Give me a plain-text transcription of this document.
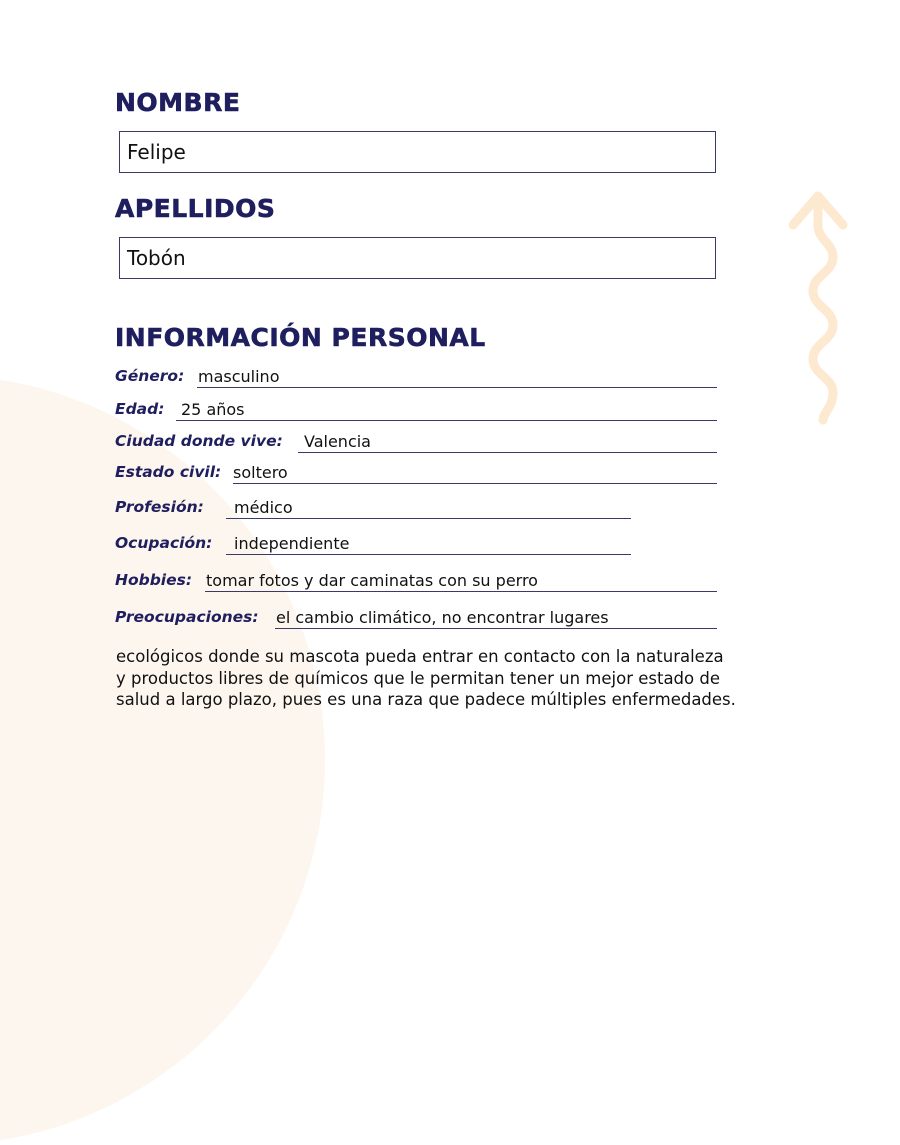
NOMBRE
Felipe
APELLIDOS
Tobón
INFORMACIÓN PERSONAL
Género: masculino
Edad: 25 años
Ciudad donde vive: Valencia
Estado civil: soltero
Profesión: médico
Ocupación: independiente
Hobbies: tomar fotos y dar caminatas con su perro
Preocupaciones: el cambio climático, no encontrar lugares

ecológicos donde su mascota pueda entrar en contacto con la naturaleza y productos libres de químicos que le permitan tener un mejor estado de salud a largo plazo, pues es una raza que padece múltiples enfermedades.
